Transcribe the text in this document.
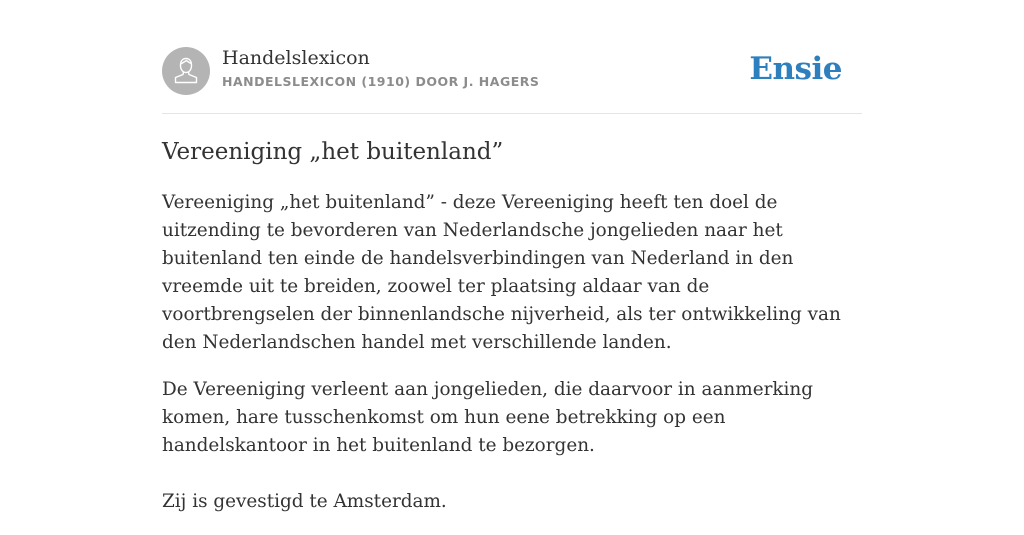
Handelslexicon
HANDELSLEXICON (1910) DOOR J. HAGERS	Ensie
Vereeniging „het buitenland”

Vereeniging „het buitenland” - deze Vereeniging heeft ten doel de uitzending te bevorderen van Nederlandsche jongelieden naar het buitenland ten einde de handelsverbindingen van Nederland in den vreemde uit te breiden, zoowel ter plaatsing aldaar van de voortbrengselen der binnenlandsche nijverheid, als ter ontwikkeling van den Nederlandschen handel met verschillende landen.

De Vereeniging verleent aan jongelieden, die daarvoor in aanmerking komen, hare tusschenkomst om hun eene betrekking op een handelskantoor in het buitenland te bezorgen.

Zij is gevestigd te Amsterdam.
